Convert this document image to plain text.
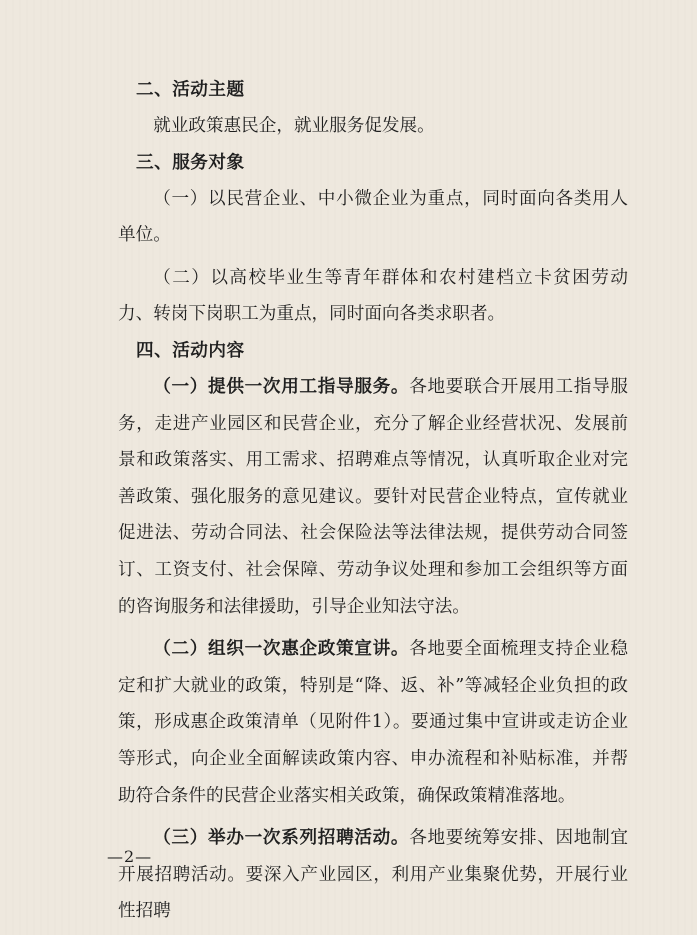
二、活动主题

就业政策惠民企，就业服务促发展。

三、服务对象

（一）以民营企业、中小微企业为重点，同时面向各类用人单位。

（二）以高校毕业生等青年群体和农村建档立卡贫困劳动力、转岗下岗职工为重点，同时面向各类求职者。

四、活动内容

（一）提供一次用工指导服务。各地要联合开展用工指导服务，走进产业园区和民营企业，充分了解企业经营状况、发展前景和政策落实、用工需求、招聘难点等情况，认真听取企业对完善政策、强化服务的意见建议。要针对民营企业特点，宣传就业促进法、劳动合同法、社会保险法等法律法规，提供劳动合同签订、工资支付、社会保障、劳动争议处理和参加工会组织等方面的咨询服务和法律援助，引导企业知法守法。

（二）组织一次惠企政策宣讲。各地要全面梳理支持企业稳定和扩大就业的政策，特别是“降、返、补”等减轻企业负担的政策，形成惠企政策清单（见附件1）。要通过集中宣讲或走访企业等形式，向企业全面解读政策内容、申办流程和补贴标准，并帮助符合条件的民营企业落实相关政策，确保政策精准落地。

（三）举办一次系列招聘活动。各地要统筹安排、因地制宜开展招聘活动。要深入产业园区，利用产业集聚优势，开展行业性招聘

—2—
